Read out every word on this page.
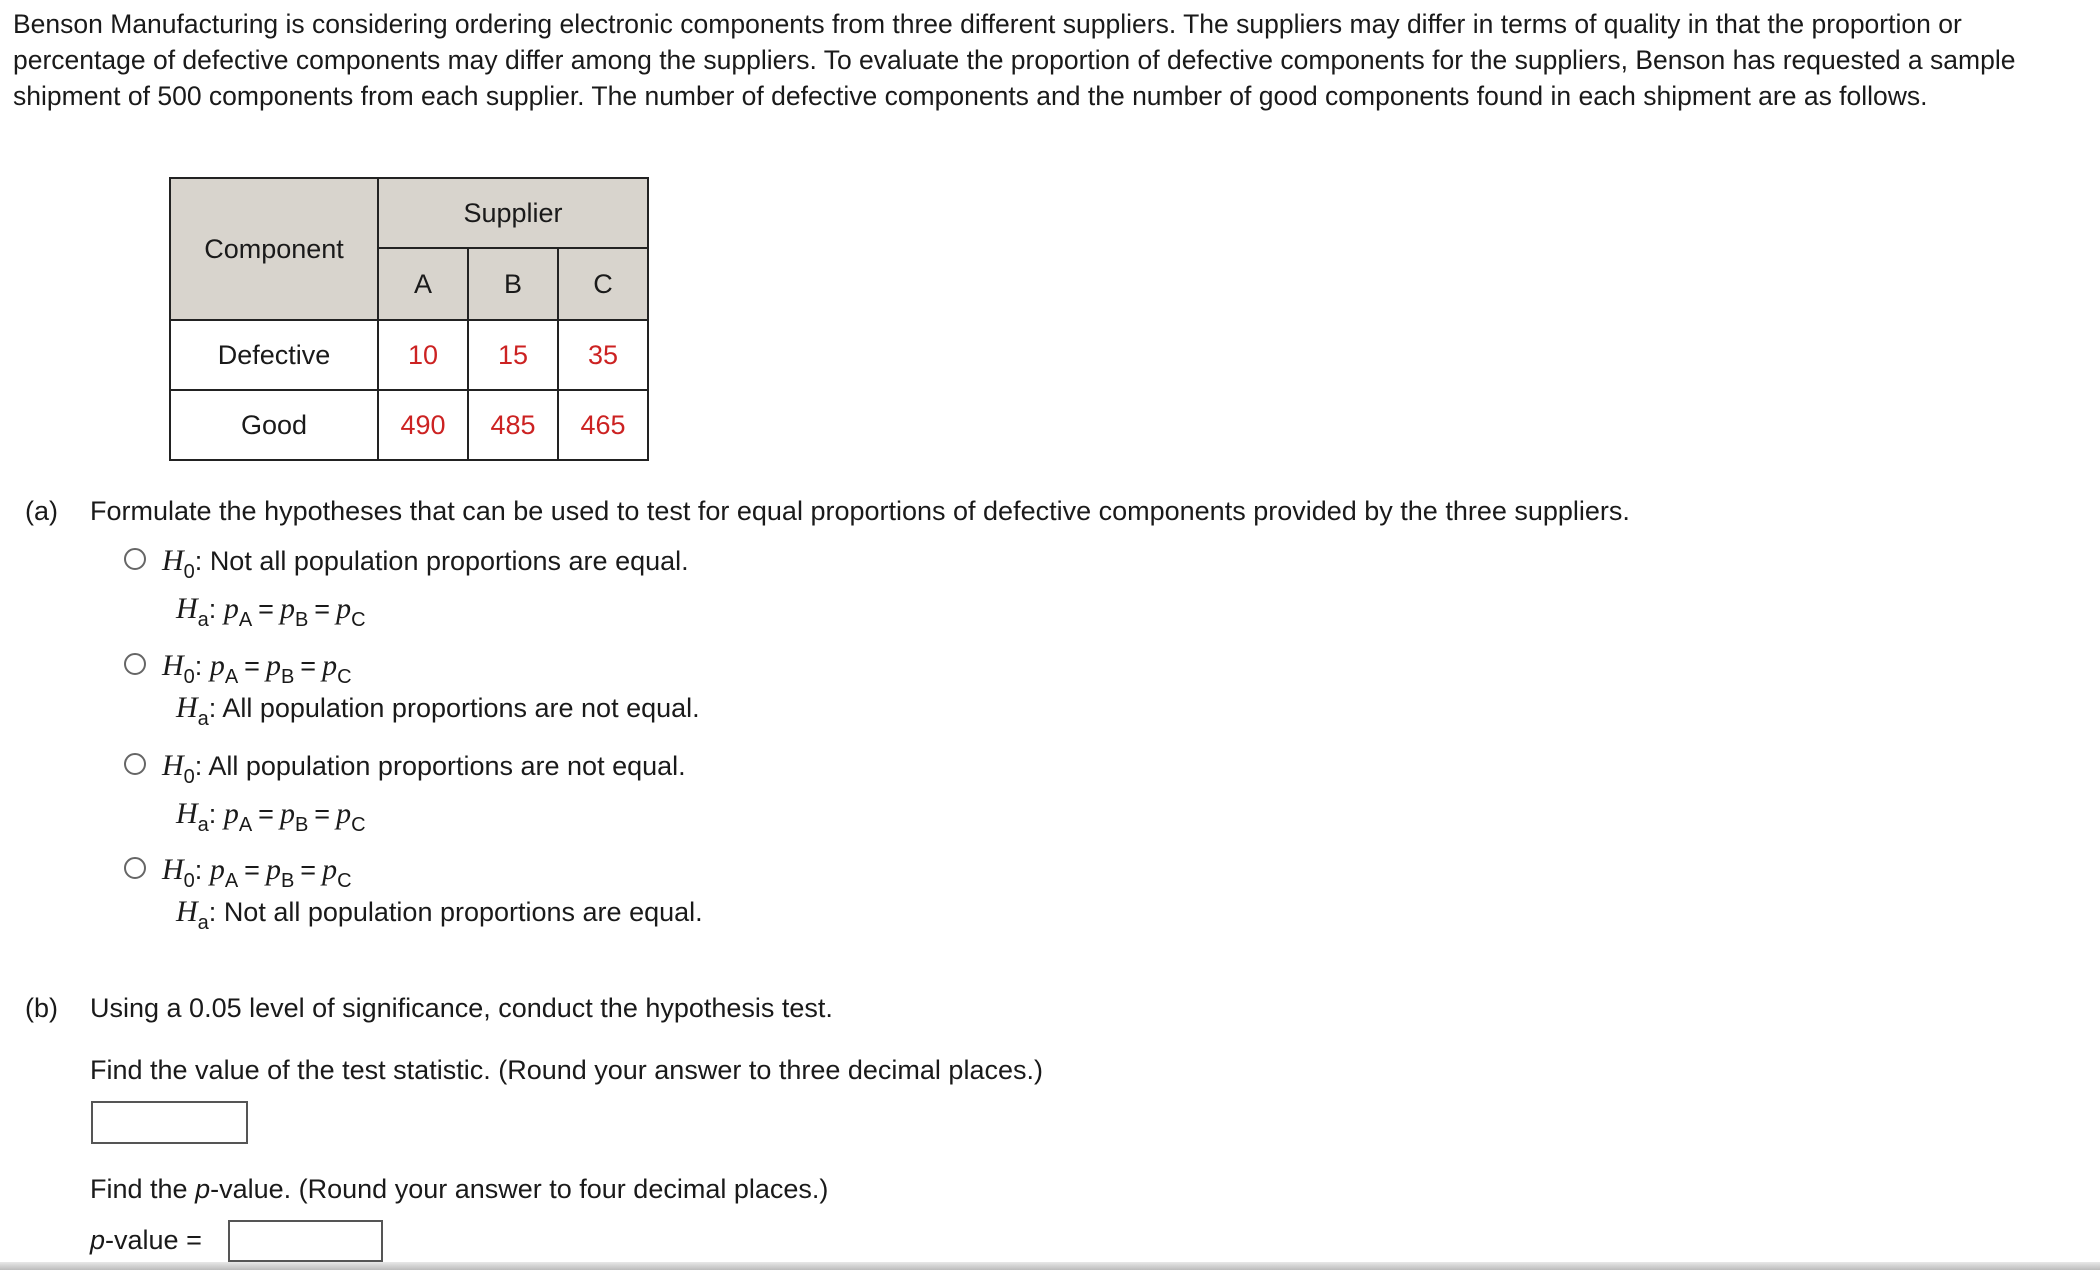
Benson Manufacturing is considering ordering electronic components from three different suppliers. The suppliers may differ in terms of quality in that the proportion or percentage of defective components may differ among the suppliers. To evaluate the proportion of defective components for the suppliers, Benson has requested a sample shipment of 500 components from each supplier. The number of defective components and the number of good components found in each shipment are as follows.
Component	Supplier		
	A	B	C
Defective	10	15	35
Good	490	485	465
(a) Formulate the hypotheses that can be used to test for equal proportions of defective components provided by the three suppliers.
$H_0$: Not all population proportions are equal.
$H_a$: $p_A = p_B = p_C$
$H_0$: $p_A = p_B = p_C$
$H_a$: All population proportions are not equal.
$H_0$: All population proportions are not equal.
$H_a$: $p_A = p_B = p_C$
$H_0$: $p_A = p_B = p_C$
$H_a$: Not all population proportions are equal.
(b) Using a 0.05 level of significance, conduct the hypothesis test.
Find the value of the test statistic. (Round your answer to three decimal places.)
Find the p-value. (Round your answer to four decimal places.)
p-value =
